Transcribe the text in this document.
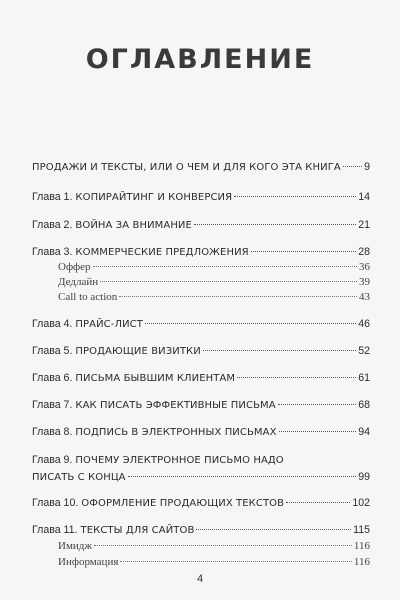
ОГЛАВЛЕНИЕ
ПРОДАЖИ И ТЕКСТЫ, ИЛИ О ЧЕМ И ДЛЯ КОГО ЭТА КНИГА 9
Глава 1. КОПИРАЙТИНГ И КОНВЕРСИЯ	14
Глава 2. ВОЙНА ЗА ВНИМАНИЕ	21
Глава 3. КОММЕРЧЕСКИЕ ПРЕДЛОЖЕНИЯ	28
Оффер	36
Дедлайн	39
Call to action	43
Глава 4. ПРАЙС-ЛИСТ	46
Глава 5. ПРОДАЮЩИЕ ВИЗИТКИ	52
Глава 6. ПИСЬМА БЫВШИМ КЛИЕНТАМ	61
Глава 7. КАК ПИСАТЬ ЭФФЕКТИВНЫЕ ПИСЬМА	68
Глава 8. ПОДПИСЬ В ЭЛЕКТРОННЫХ ПИСЬМАХ	94
Глава 9. ПОЧЕМУ ЭЛЕКТРОННОЕ ПИСЬМО НАДО
ПИСАТЬ С КОНЦА	99
Глава 10. ОФОРМЛЕНИЕ ПРОДАЮЩИХ ТЕКСТОВ	102
Глава 11. ТЕКСТЫ ДЛЯ САЙТОВ	115
Имидж	116
Информация	116
4
